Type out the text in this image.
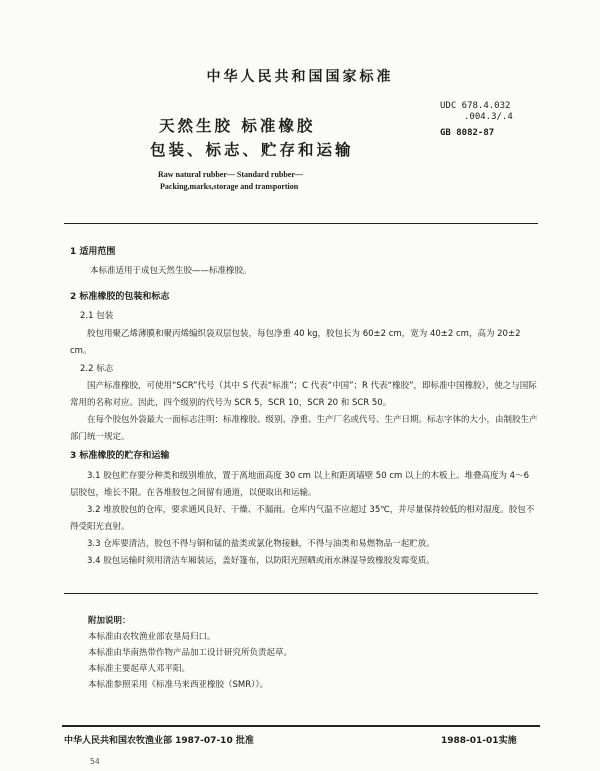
中华人民共和国国家标准
天然生胶 标准橡胶
包装、标志、贮存和运输
Raw natural rubber— Standard rubber—
Packing,marks,storage and transportion
UDC 678.4.032
.004.3/.4
GB 8082-87
1 适用范围
本标准适用于成包天然生胶——标准橡胶。
2 标准橡胶的包装和标志
2.1 包装
胶包用聚乙烯薄膜和聚丙烯编织袋双层包装，每包净重 40 kg，胶包长为 60±2 cm，宽为 40±2 cm，高为 20±2 cm。
2.2 标志
国产标准橡胶，可使用“SCR”代号（其中 S 代表“标准”；C 代表“中国”；R 代表“橡胶”，即标准中国橡胶），使之与国际常用的名称对应。因此，四个级别的代号为 SCR 5，SCR 10，SCR 20 和 SCR 50。
在每个胶包外袋最大一面标志注明：标准橡胶、级别、净重、生产厂名或代号、生产日期。标志字体的大小，由制胶生产部门统一规定。
3 标准橡胶的贮存和运输
3.1 胶包贮存要分种类和级别堆放，置于离地面高度 30 cm 以上和距离墙壁 50 cm 以上的木板上。堆叠高度为 4～6 层胶包，堆长不限。在各堆胶包之间留有通道，以便取出和运输。
3.2 堆放胶包的仓库，要求通风良好、干燥、不漏雨。仓库内气温不应超过 35℃，并尽量保持较低的相对湿度。胶包不得受阳光直射。
3.3 仓库要清洁，胶包不得与铜和锰的盐类或氯化物接触，不得与油类和易燃物品一起贮放。
3.4 胶包运输时须用清洁车厢装运，盖好篷布，以防阳光照晒或雨水淋湿导致橡胶发霉变质。
附加说明：
本标准由农牧渔业部农垦局归口。
本标准由华南热带作物产品加工设计研究所负责起草。
本标准主要起草人邓平阳。
本标准参照采用《标准马来西亚橡胶（SMR）》。
中华人民共和国农牧渔业部 1987-07-10 批准	1988-01-01实施
54
